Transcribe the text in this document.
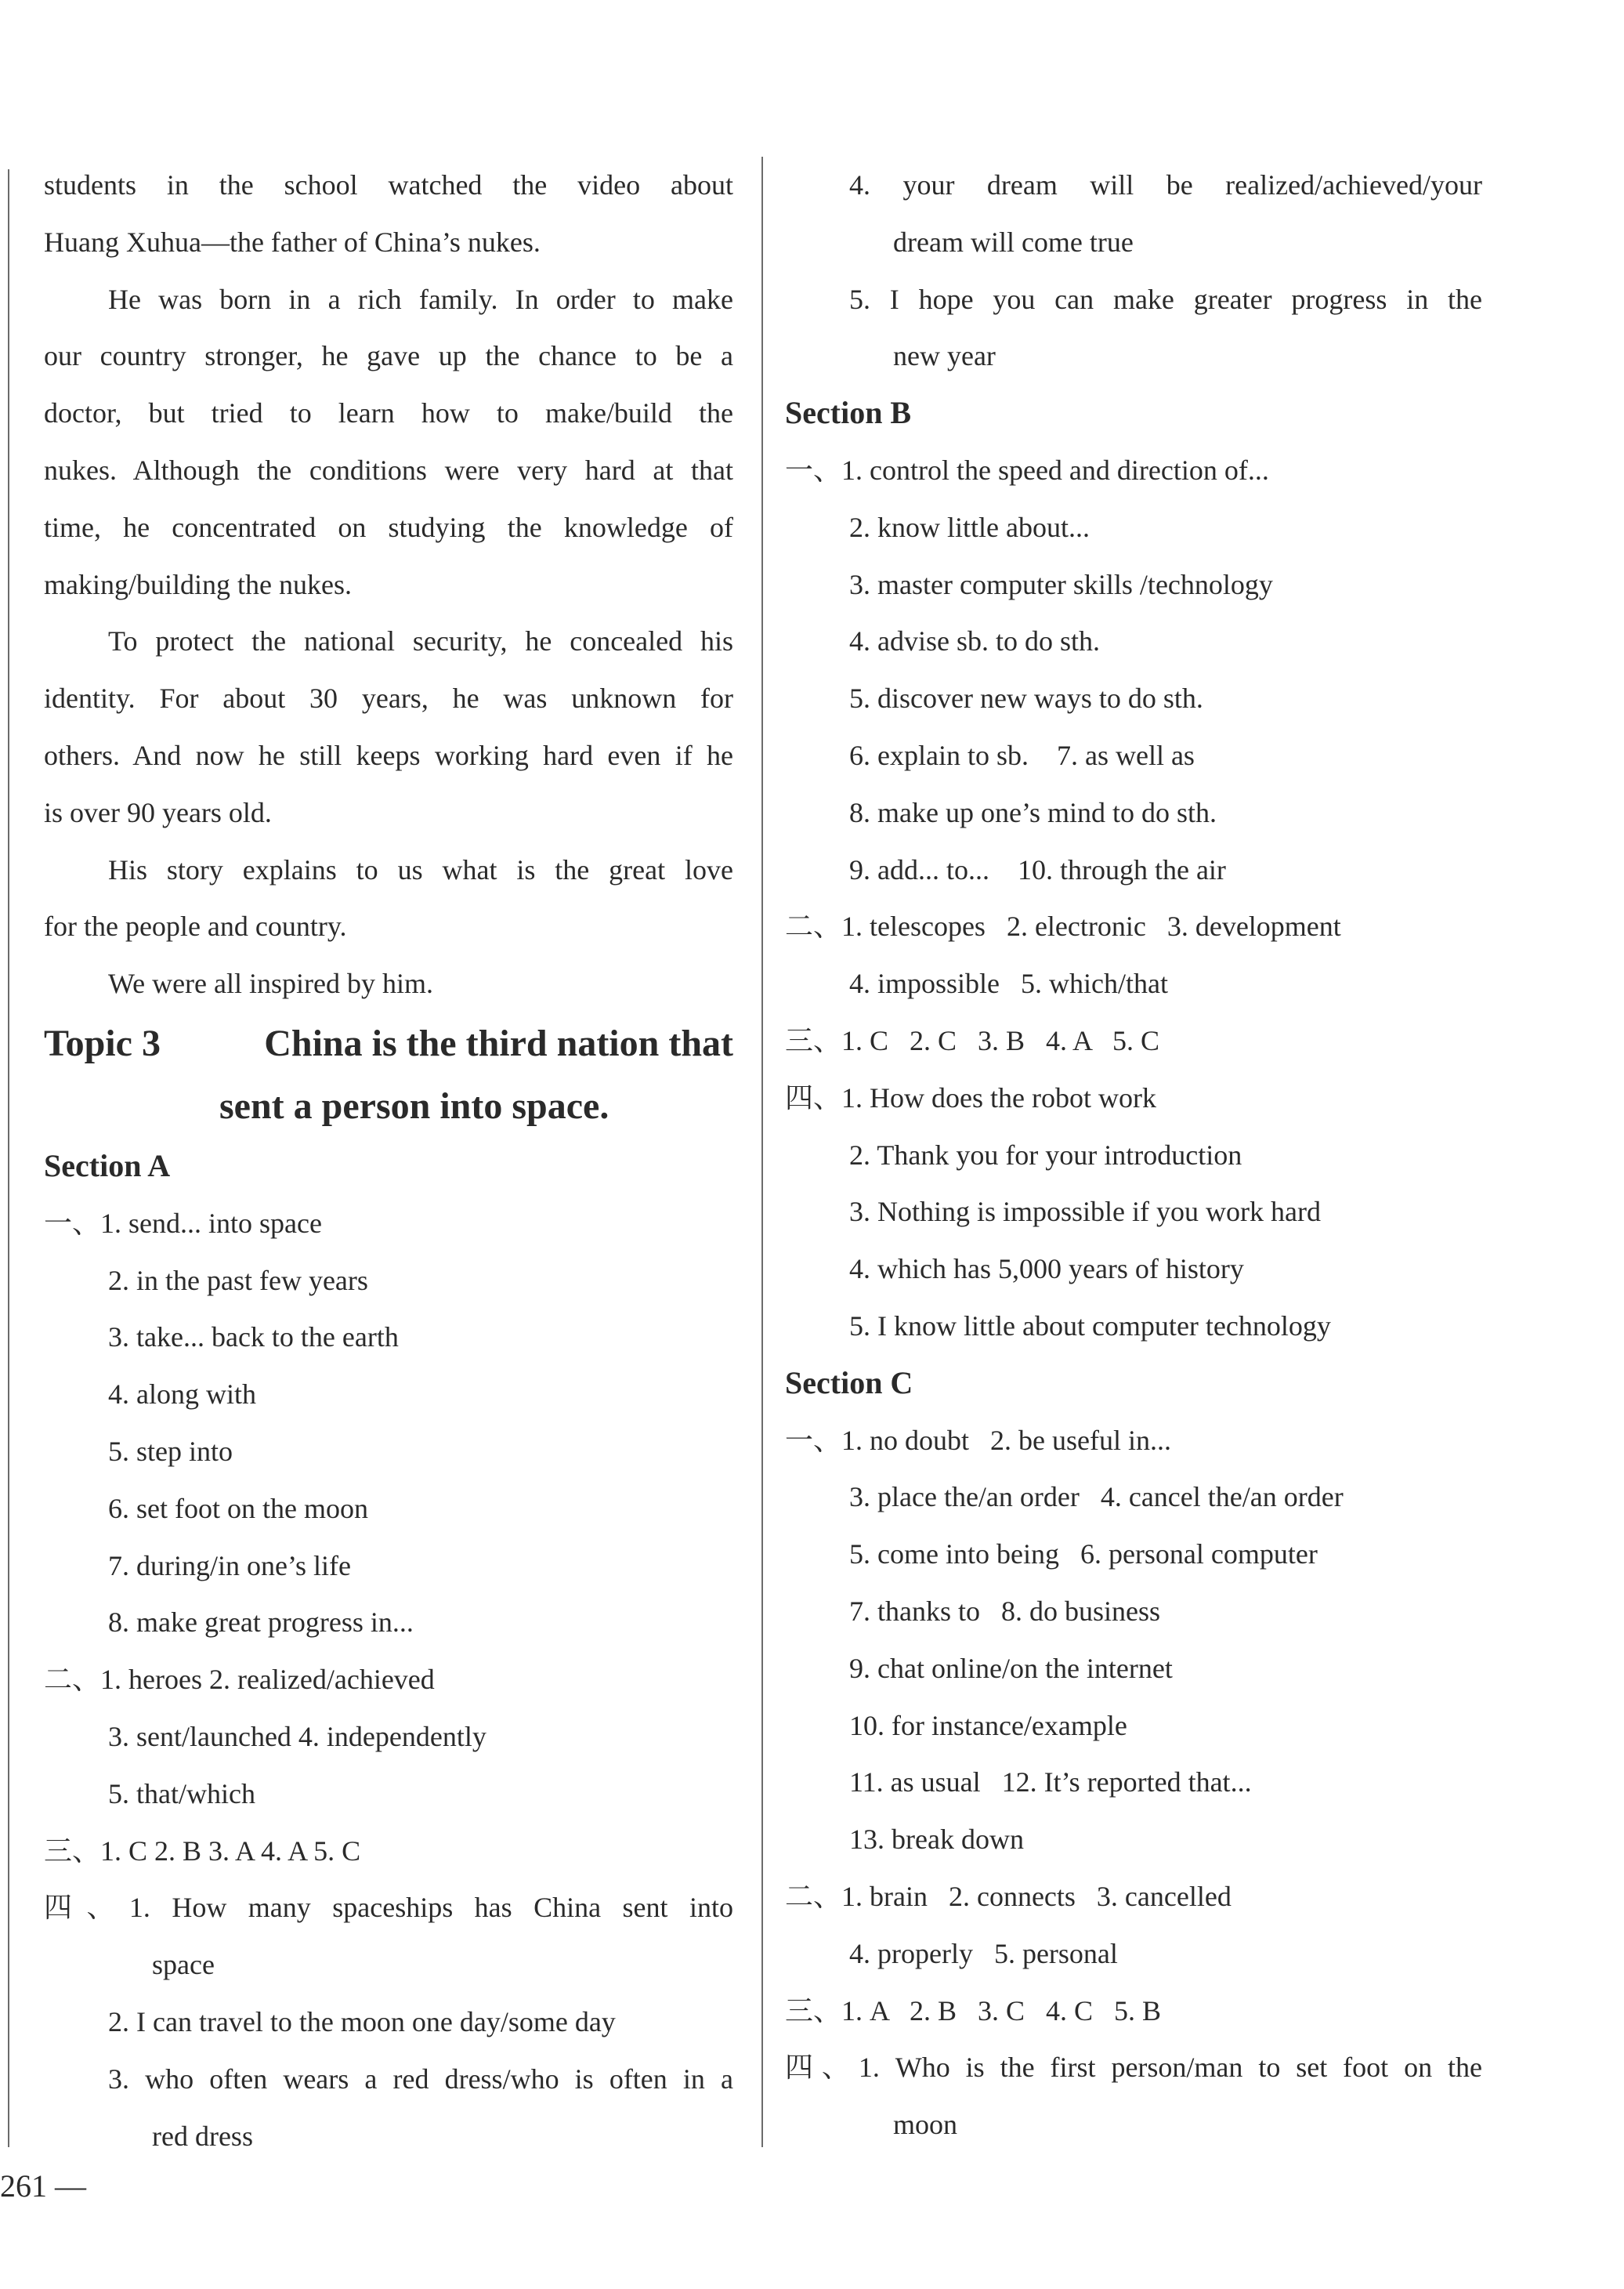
students in the school watched the video about
Huang Xuhua—the father of China’s nukes.
He was born in a rich family. In order to make
our country stronger, he gave up the chance to be a
doctor, but tried to learn how to make/build the
nukes. Although the conditions were very hard at that
time, he concentrated on studying the knowledge of
making/building the nukes.
To protect the national security, he concealed his
identity. For about 30 years, he was unknown for
others. And now he still keeps working hard even if he
is over 90 years old.
His story explains to us what is the great love
for the people and country.
We were all inspired by him.
Topic 3	China is the third nation that
sent a person into space.
Section A
一、1. send... into space
2. in the past few years
3. take... back to the earth
4. along with
5. step into
6. set foot on the moon
7. during/in one’s life
8. make great progress in...
二、1. heroes 2. realized/achieved
3. sent/launched 4. independently
5. that/which
三、1. C 2. B 3. A 4. A 5. C
四、1. How many spaceships has China sent into
space
2. I can travel to the moon one day/some day
3. who often wears a red dress/who is often in a
red dress
4. your dream will be realized/achieved/your
dream will come true
5. I hope you can make greater progress in the
new year
Section B
一、1. control the speed and direction of...
2. know little about...
3. master computer skills /technology
4. advise sb. to do sth.
5. discover new ways to do sth.
6. explain to sb.    7. as well as
8. make up one’s mind to do sth.
9. add... to...    10. through the air
二、1. telescopes   2. electronic   3. development
4. impossible   5. which/that
三、1. C   2. C   3. B   4. A   5. C
四、1. How does the robot work
2. Thank you for your introduction
3. Nothing is impossible if you work hard
4. which has 5,000 years of history
5. I know little about computer technology
Section C
一、1. no doubt   2. be useful in...
3. place the/an order   4. cancel the/an order
5. come into being   6. personal computer
7. thanks to   8. do business
9. chat online/on the internet
10. for instance/example
11. as usual   12. It’s reported that...
13. break down
二、1. brain   2. connects   3. cancelled
4. properly   5. personal
三、1. A   2. B   3. C   4. C   5. B
四、1. Who is the first person/man to set foot on the
moon
261 —
